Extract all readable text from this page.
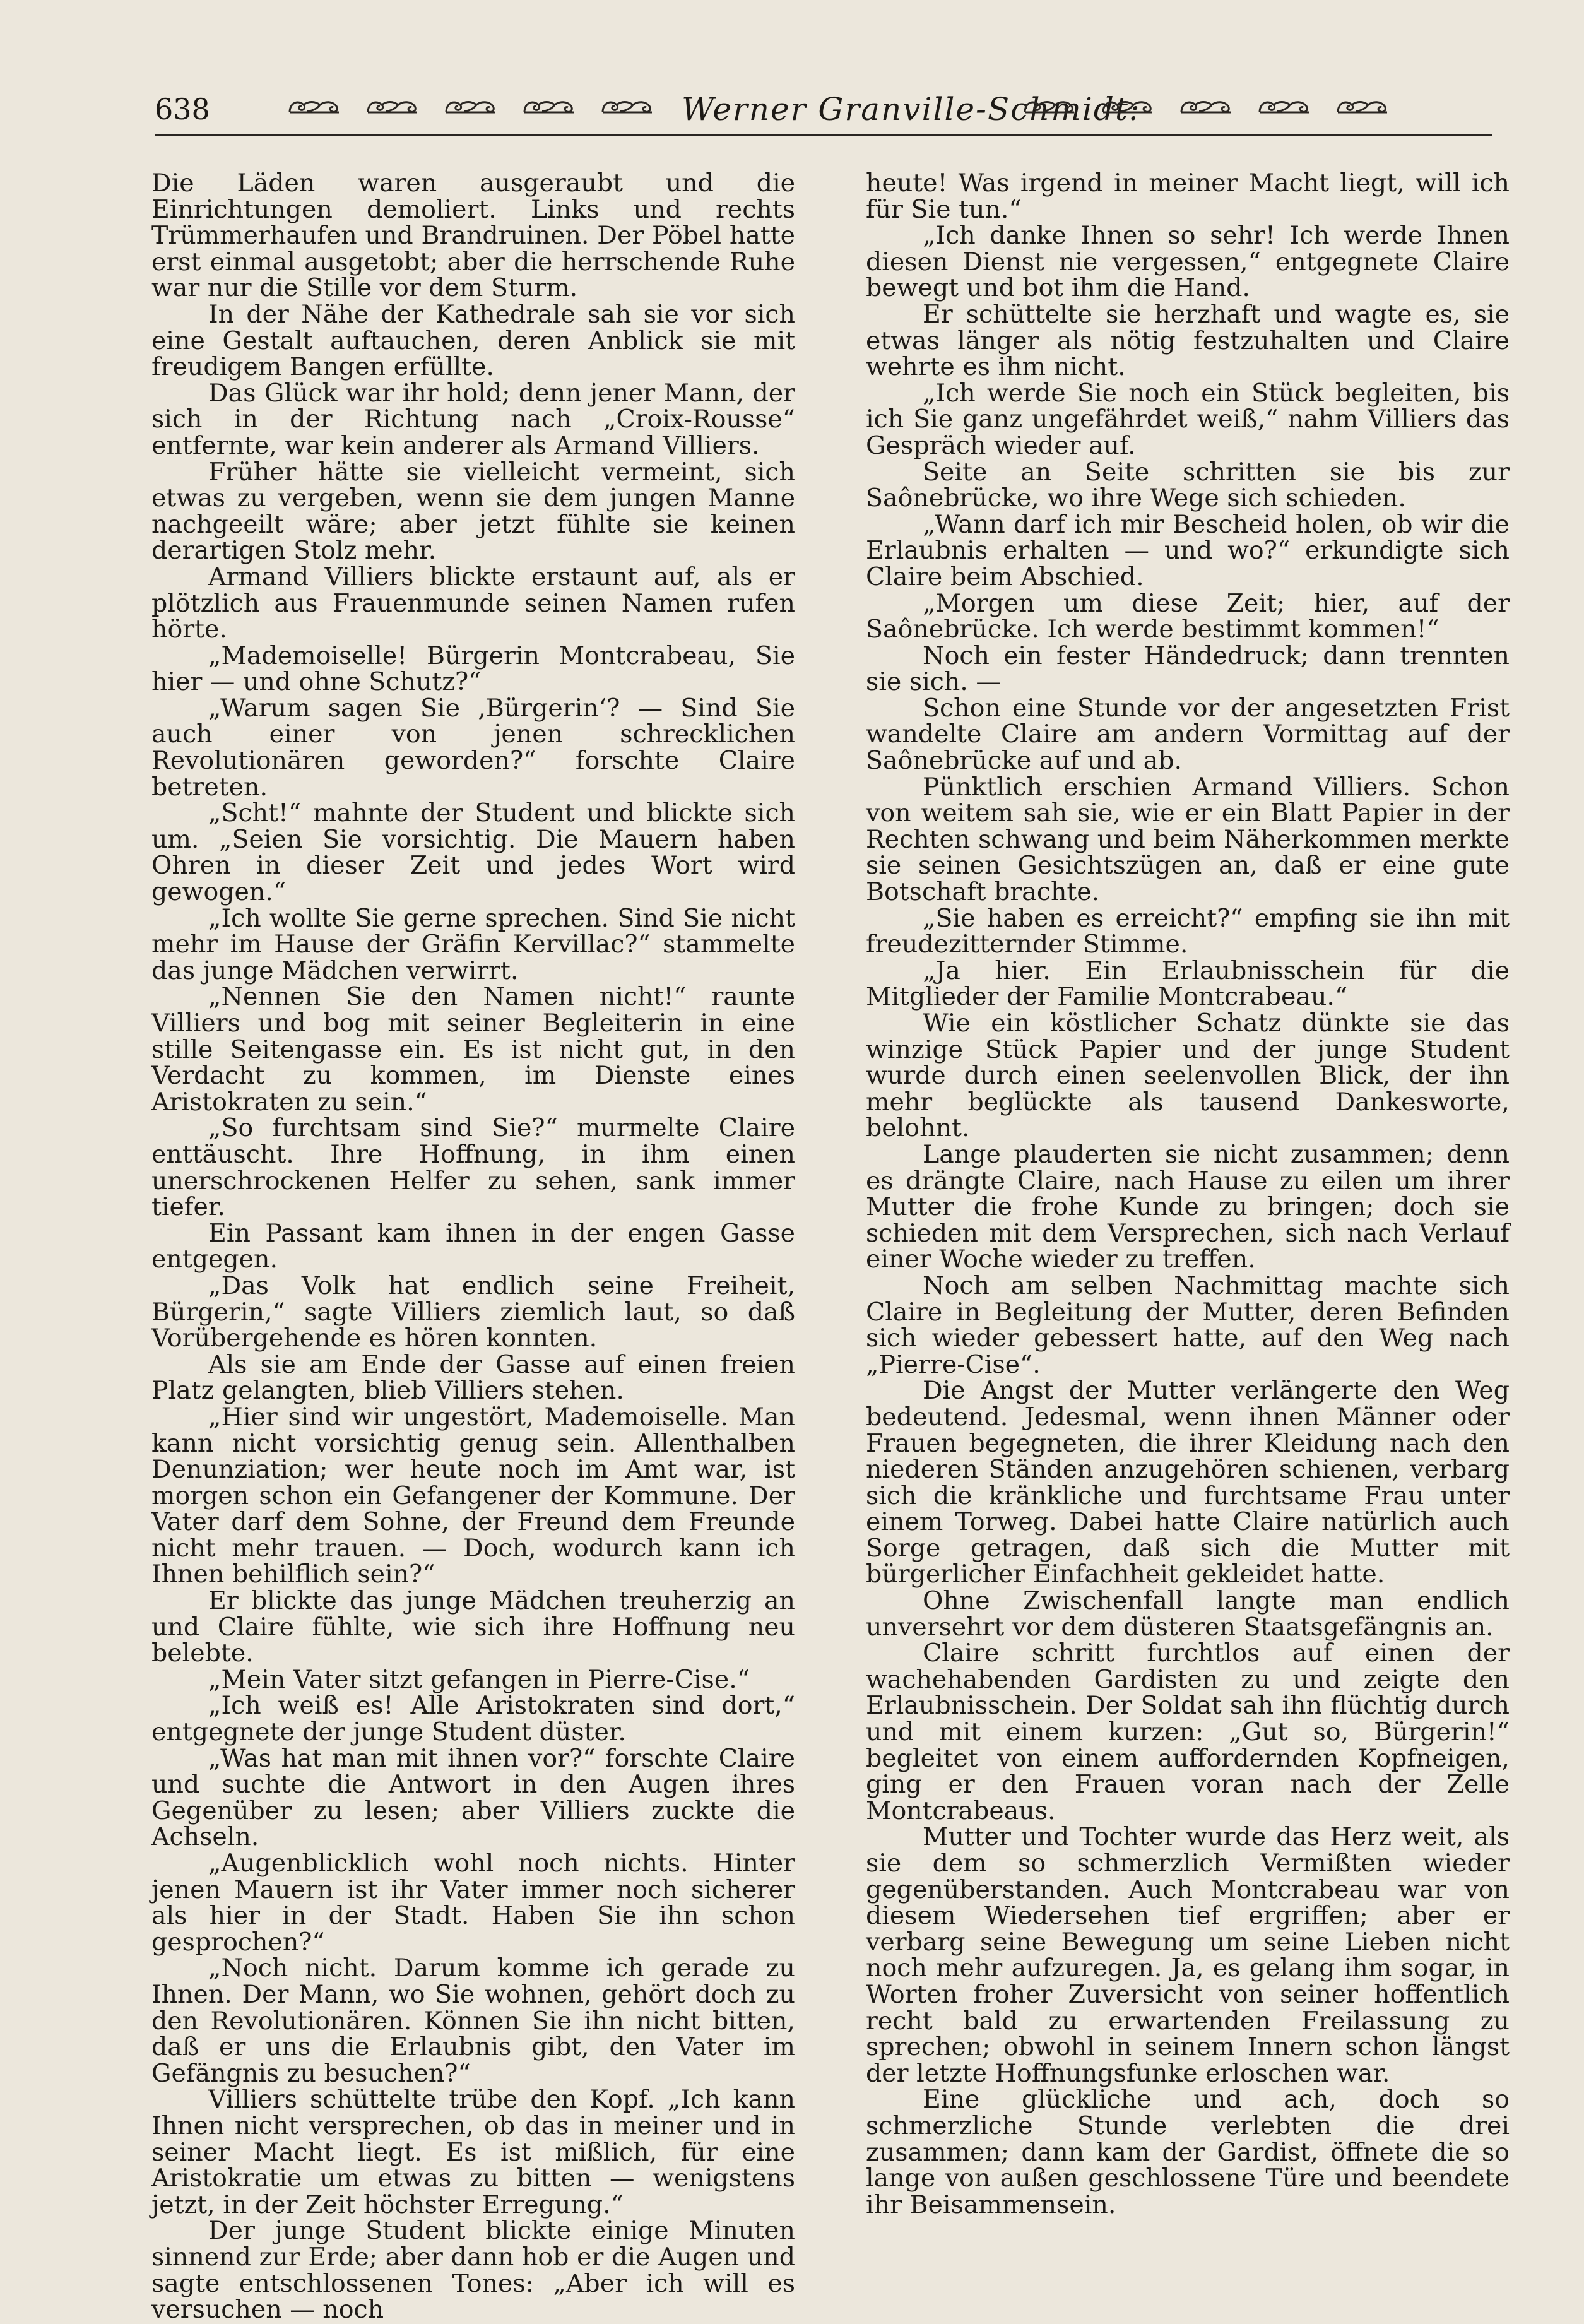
638	Werner Granville-Schmidt:

Die Läden waren ausgeraubt und die Einrichtungen demoliert. Links und rechts Trümmerhaufen und Brandruinen. Der Pöbel hatte erst einmal ausgetobt; aber die herrschende Ruhe war nur die Stille vor dem Sturm.

In der Nähe der Kathedrale sah sie vor sich eine Gestalt auftauchen, deren Anblick sie mit freudigem Bangen erfüllte.

Das Glück war ihr hold; denn jener Mann, der sich in der Richtung nach „Croix-Rousse“ entfernte, war kein anderer als Armand Villiers.

Früher hätte sie vielleicht vermeint, sich etwas zu vergeben, wenn sie dem jungen Manne nachgeeilt wäre; aber jetzt fühlte sie keinen derartigen Stolz mehr.

Armand Villiers blickte erstaunt auf, als er plötzlich aus Frauenmunde seinen Namen rufen hörte.

„Mademoiselle! Bürgerin Montcrabeau, Sie hier — und ohne Schutz?“

„Warum sagen Sie ‚Bürgerin‘? — Sind Sie auch einer von jenen schrecklichen Revolutionären geworden?“ forschte Claire betreten.

„Scht!“ mahnte der Student und blickte sich um. „Seien Sie vorsichtig. Die Mauern haben Ohren in dieser Zeit und jedes Wort wird gewogen.“

„Ich wollte Sie gerne sprechen. Sind Sie nicht mehr im Hause der Gräfin Kervillac?“ stammelte das junge Mädchen verwirrt.

„Nennen Sie den Namen nicht!“ raunte Villiers und bog mit seiner Begleiterin in eine stille Seitengasse ein. Es ist nicht gut, in den Verdacht zu kommen, im Dienste eines Aristokraten zu sein.“

„So furchtsam sind Sie?“ murmelte Claire enttäuscht. Ihre Hoffnung, in ihm einen unerschrockenen Helfer zu sehen, sank immer tiefer.

Ein Passant kam ihnen in der engen Gasse entgegen.

„Das Volk hat endlich seine Freiheit, Bürgerin,“ sagte Villiers ziemlich laut, so daß Vorübergehende es hören konnten.

Als sie am Ende der Gasse auf einen freien Platz gelangten, blieb Villiers stehen.

„Hier sind wir ungestört, Mademoiselle. Man kann nicht vorsichtig genug sein. Allenthalben Denunziation; wer heute noch im Amt war, ist morgen schon ein Gefangener der Kommune. Der Vater darf dem Sohne, der Freund dem Freunde nicht mehr trauen. — Doch, wodurch kann ich Ihnen behilflich sein?“

Er blickte das junge Mädchen treuherzig an und Claire fühlte, wie sich ihre Hoffnung neu belebte.

„Mein Vater sitzt gefangen in Pierre-Cise.“

„Ich weiß es! Alle Aristokraten sind dort,“ entgegnete der junge Student düster.

„Was hat man mit ihnen vor?“ forschte Claire und suchte die Antwort in den Augen ihres Gegenüber zu lesen; aber Villiers zuckte die Achseln.

„Augenblicklich wohl noch nichts. Hinter jenen Mauern ist ihr Vater immer noch sicherer als hier in der Stadt. Haben Sie ihn schon gesprochen?“

„Noch nicht. Darum komme ich gerade zu Ihnen. Der Mann, wo Sie wohnen, gehört doch zu den Revolutionären. Können Sie ihn nicht bitten, daß er uns die Erlaubnis gibt, den Vater im Gefängnis zu besuchen?“

Villiers schüttelte trübe den Kopf. „Ich kann Ihnen nicht versprechen, ob das in meiner und in seiner Macht liegt. Es ist mißlich, für eine Aristokratie um etwas zu bitten — wenigstens jetzt, in der Zeit höchster Erregung.“

Der junge Student blickte einige Minuten sinnend zur Erde; aber dann hob er die Augen und sagte entschlossenen Tones: „Aber ich will es versuchen — noch

heute! Was irgend in meiner Macht liegt, will ich für Sie tun.“

„Ich danke Ihnen so sehr! Ich werde Ihnen diesen Dienst nie vergessen,“ entgegnete Claire bewegt und bot ihm die Hand.

Er schüttelte sie herzhaft und wagte es, sie etwas länger als nötig festzuhalten und Claire wehrte es ihm nicht.

„Ich werde Sie noch ein Stück begleiten, bis ich Sie ganz ungefährdet weiß,“ nahm Villiers das Gespräch wieder auf.

Seite an Seite schritten sie bis zur Saônebrücke, wo ihre Wege sich schieden.

„Wann darf ich mir Bescheid holen, ob wir die Erlaubnis erhalten — und wo?“ erkundigte sich Claire beim Abschied.

„Morgen um diese Zeit; hier, auf der Saônebrücke. Ich werde bestimmt kommen!“

Noch ein fester Händedruck; dann trennten sie sich. —

Schon eine Stunde vor der angesetzten Frist wandelte Claire am andern Vormittag auf der Saônebrücke auf und ab.

Pünktlich erschien Armand Villiers. Schon von weitem sah sie, wie er ein Blatt Papier in der Rechten schwang und beim Näherkommen merkte sie seinen Gesichtszügen an, daß er eine gute Botschaft brachte.

„Sie haben es erreicht?“ empfing sie ihn mit freudezitternder Stimme.

„Ja hier. Ein Erlaubnisschein für die Mitglieder der Familie Montcrabeau.“

Wie ein köstlicher Schatz dünkte sie das winzige Stück Papier und der junge Student wurde durch einen seelenvollen Blick, der ihn mehr beglückte als tausend Dankesworte, belohnt.

Lange plauderten sie nicht zusammen; denn es drängte Claire, nach Hause zu eilen um ihrer Mutter die frohe Kunde zu bringen; doch sie schieden mit dem Versprechen, sich nach Verlauf einer Woche wieder zu treffen.

Noch am selben Nachmittag machte sich Claire in Begleitung der Mutter, deren Befinden sich wieder gebessert hatte, auf den Weg nach „Pierre-Cise“.

Die Angst der Mutter verlängerte den Weg bedeutend. Jedesmal, wenn ihnen Männer oder Frauen begegneten, die ihrer Kleidung nach den niederen Ständen anzugehören schienen, verbarg sich die kränkliche und furchtsame Frau unter einem Torweg. Dabei hatte Claire natürlich auch Sorge getragen, daß sich die Mutter mit bürgerlicher Einfachheit gekleidet hatte.

Ohne Zwischenfall langte man endlich unversehrt vor dem düsteren Staatsgefängnis an.

Claire schritt furchtlos auf einen der wachehabenden Gardisten zu und zeigte den Erlaubnisschein. Der Soldat sah ihn flüchtig durch und mit einem kurzen: „Gut so, Bürgerin!“ begleitet von einem auffordernden Kopfneigen, ging er den Frauen voran nach der Zelle Montcrabeaus.

Mutter und Tochter wurde das Herz weit, als sie dem so schmerzlich Vermißten wieder gegenüberstanden. Auch Montcrabeau war von diesem Wiedersehen tief ergriffen; aber er verbarg seine Bewegung um seine Lieben nicht noch mehr aufzuregen. Ja, es gelang ihm sogar, in Worten froher Zuversicht von seiner hoffentlich recht bald zu erwartenden Freilassung zu sprechen; obwohl in seinem Innern schon längst der letzte Hoffnungsfunke erloschen war.

Eine glückliche und ach, doch so schmerzliche Stunde verlebten die drei zusammen; dann kam der Gardist, öffnete die so lange von außen geschlossene Türe und beendete ihr Beisammensein.
